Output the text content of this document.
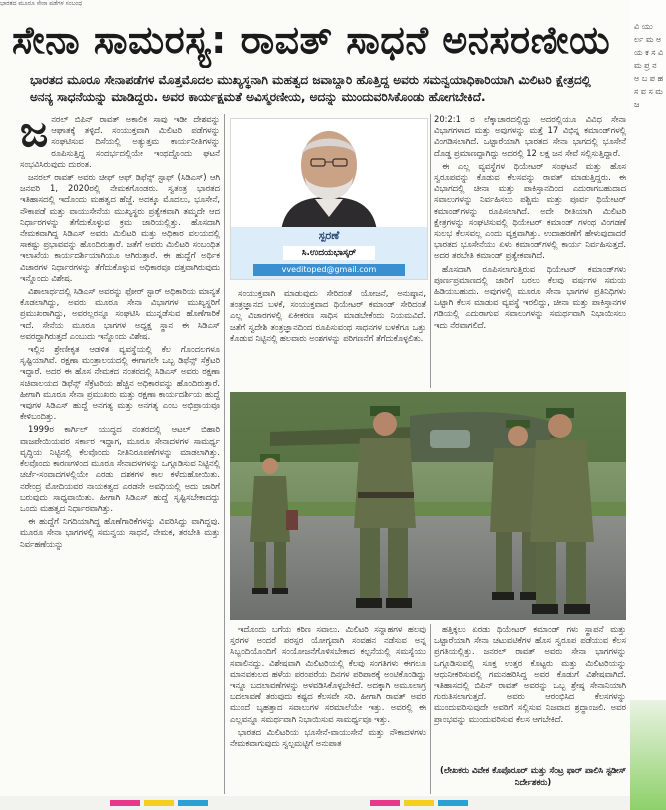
ಭಾರತದ ಮೂರೂ ಸೇನಾ ಪಡೆಗಳ ಸಂಬಂಧ
ಸೇನಾ ಸಾಮರಸ್ಯ: ರಾವತ್ ಸಾಧನೆ ಅನಸರಣೀಯ
ಭಾರತದ ಮೂರೂ ಸೇನಾಪಡೆಗಳ ಮೊತ್ತಮೊದಲ ಮುಖ್ಯಸ್ಥನಾಗಿ ಮಹತ್ವದ ಜವಾಬ್ದಾರಿ ಹೊತ್ತಿದ್ದ ಅವರು ಸಮನ್ವಯಾಧಿಕಾರಿಯಾಗಿ ಮಿಲಿಟರಿ ಕ್ಷೇತ್ರದಲ್ಲಿ ಅನನ್ಯ ಸಾಧನೆಯನ್ನು ಮಾಡಿದ್ದರು. ಅವರ ಕಾರ್ಯಕ್ಷಮತೆ ಅವಿಸ್ಮರಣೀಯ, ಅದನ್ನು ಮುಂದುವರಿಸಿಕೊಂಡು ಹೋಗಬೇಕಿದೆ.
ಜ ನರಲ್ ಬಿಪಿನ್ ರಾವತ್ ಅಕಾಲಿಕ ಸಾವು ಇಡೀ ದೇಶವನ್ನು ಆಘಾತಕ್ಕೆ ತಳ್ಳಿದೆ. ಸಂಯುಕ್ತವಾಗಿ ಮಿಲಿಟರಿ ಪಡೆಗಳನ್ನು ಸಂಘಟಿಸುವ ದಿಸೆಯಲ್ಲಿ ಅತ್ಯುತ್ತಮ ಕಾರ್ಯನೀತಿಗಳನ್ನು ರೂಪಿಸುತ್ತಿದ್ದ ಸಂದರ್ಭದಲ್ಲಿಯೇ ಇಂಥದ್ದೊಂದು ಘಟನೆ ಸಂಭವಿಸಿರುವುದು ದುರಂತ.

ಜನರಲ್ ರಾವತ್ ಅವರು ಚೀಫ್ ಆಫ್ ಡಿಫೆನ್ಸ್ ಸ್ಟಾಫ್ (ಸಿಡಿಎಸ್) ಆಗಿ ಜನವರಿ 1, 2020ರಲ್ಲಿ ನೇಮಕಗೊಂಡರು. ಸ್ವತಂತ್ರ ಭಾರತದ ಇತಿಹಾಸದಲ್ಲಿ ಇದೊಂದು ಮಹತ್ವದ ಹೆಜ್ಜೆ. ಅದಕ್ಕೂ ಮೊದಲು, ಭೂಸೇನೆ, ನೌಕಾಪಡೆ ಮತ್ತು ವಾಯುಸೇನೆಯ ಮುಖ್ಯಸ್ಥರು ಪ್ರತ್ಯೇಕವಾಗಿ ತಮ್ಮದೇ ಆದ ನಿರ್ಧಾರಗಳನ್ನು ತೆಗೆದುಕೊಳ್ಳುವ ಕ್ರಮ ಜಾರಿಯಲ್ಲಿತ್ತು. ಹೊಸದಾಗಿ ನೇಮಕವಾಗಿದ್ದ ಸಿಡಿಎಸ್ ಅವರು ಮಿಲಿಟರಿ ಮತ್ತು ಅಧಿಕಾರ ವಲಯದಲ್ಲಿ ಸಾಕಷ್ಟು ಪ್ರಭಾವವನ್ನು ಹೊಂದಿರುತ್ತಾರೆ. ಜತೆಗೆ ಅವರು ಮಿಲಿಟರಿ ಸಂಬಂಧಿತ ಇಲಾಖೆಯ ಕಾರ್ಯದರ್ಶಿಯಾಗಿಯೂ ಆಗಿರುತ್ತಾರೆ. ಈ ಹುದ್ದೆಗೆ ಅರ್ಥಿಕ ವಿಚಾರಗಳ ನಿರ್ಧಾರಗಳನ್ನು ತೆಗೆದುಕೊಳ್ಳುವ ಅಧಿಕಾರವೂ ದತ್ತವಾಗಿರುವುದು ಇನ್ನೊಂದು ವಿಶೇಷ.

ವಿಶಾಲಾರ್ಥದಲ್ಲಿ ಸಿಡಿಎಸ್ ಅವರನ್ನು ಫೋರ್ ಸ್ಟಾರ್ ಅಧಿಕಾರಿಯ ಮಾನ್ಯತೆ ಕೊಡಲಾಗಿದ್ದು, ಅವರು ಮೂರೂ ಸೇನಾ ವಿಭಾಗಗಳ ಮುಖ್ಯಸ್ಥರಿಗೆ ಪ್ರಮುಖರಾಗಿದ್ದು, ಅವರಲ್ಲರನ್ನೂ ಸಂಘಟಿಸಿ ಮುನ್ನಡೆಸುವ ಹೊಣೆಗಾರಿಕೆ ಇದೆ. ಸೇನೆಯ ಮೂರೂ ಭಾಗಗಳ ಅಧ್ಯಕ್ಷ ಸ್ಥಾನ ಈ ಸಿಡಿಎಸ್ ಅವರದ್ದಾಗಿರುತ್ತದೆ ಎಂಬುದು ಇನ್ನೊಂದು ವಿಶೇಷ.

ಇಲ್ಲಿನ ಶ್ರೇಣೀಕೃತ ಆಡಳಿತ ವ್ಯವಸ್ಥೆಯಲ್ಲಿ ಕೆಲ ಗೊಂದಲಗಳೂ ಸೃಷ್ಟಿಯಾಗಿವೆ. ರಕ್ಷಣಾ ಮಂತ್ರಾಲಯದಲ್ಲಿ ಈಗಾಗಲೇ ಒಬ್ಬ ಡಿಫೆನ್ಸ್ ಸೆಕ್ರೆಟರಿ ಇದ್ದಾರೆ. ಅದರ ಈ ಹೊಸ ನೇಮಕದ ನಂತರದಲ್ಲಿ ಸಿಡಿಎಸ್ ಅವರು ರಕ್ಷಣಾ ಸಚಿವಾಲಯದ ಡಿಫೆನ್ಸ್ ಸೆಕ್ರೆಟರಿಯ ಹೆಚ್ಚಿನ ಅಧಿಕಾರವನ್ನು ಹೊಂದಿರುತ್ತಾರೆ. ಹೀಗಾಗಿ ಮೂರೂ ಸೇನಾ ಪ್ರಮುಖರು ಮತ್ತು ರಕ್ಷಣಾ ಕಾರ್ಯದರ್ಶಿಯ ಹುದ್ದೆ ಇವುಗಳ ಸಿಡಿಎಸ್ ಹುದ್ದೆ ಅನಗತ್ಯ ಮತ್ತು ಅನಗತ್ಯ ಎಂಬ ಅಭಿಪ್ರಾಯವೂ ಕೇಳಿಬಂದಿತ್ತು.

1999ರ ಕಾರ್ಗಿಲ್ ಯುದ್ಧದ ನಂತರದಲ್ಲಿ ಆಟಲ್ ಬಿಹಾರಿ ವಾಜಪೇಯಿಯವರ ಸರ್ಕಾರ ಇದ್ದಾಗ, ಮೂರೂ ಸೇನಾದಳಗಳ ಸಾಮರ್ಥ್ಯ ವೃದ್ಧಿಯ ನಿಟ್ಟಿನಲ್ಲಿ ಕೆಲವೊಂದು ನೀತಿನಿರೂಪಣೆಗಳನ್ನು ಮಾಡಲಾಗಿತ್ತು. ಕೆಲವೊಂದು ಕಾರಣಗಳಿಂದ ಮೂರೂ ಸೇನಾದಳಗಳನ್ನು ಒಗ್ಗೂಡಿಸುವ ನಿಟ್ಟಿನಲ್ಲಿ ಚರ್ಚೆ-ಸಂವಾದಗಳಲ್ಲಿಯೇ ಎರಡು ದಶಕಗಳ ಕಾಲ ಕಳೆದುಹೋಯಿತು. ನರೇಂದ್ರ ಮೋದಿಯವರ ನಾಯಕತ್ವದ ಎರಡನೇ ಅವಧಿಯಲ್ಲಿ ಅದು ಜಾರಿಗೆ ಬರುವುದು ಸಾಧ್ಯವಾಯಿತು. ಹೀಗಾಗಿ ಸಿಡಿಎಸ್ ಹುದ್ದೆ ಸೃಷ್ಟಿಸಬೇಕಾದದ್ದು ಒಂದು ಮಹತ್ವದ ನಿರ್ಧಾರವಾಗಿತ್ತು.

ಈ ಹುದ್ದೆಗೆ ನಿಗದಿಯಾಗಿದ್ದ ಹೊಣೆಗಾರಿಕೆಗಳನ್ನು ವಿವರಿಸಿದ್ದು ವಾಗಿದ್ದವು. ಮೂರೂ ಸೇನಾ ಭಾಗಗಳಲ್ಲಿ ಸಮನ್ವಯ ಸಾಧನೆ, ನೇಮಕ, ತರಬೇತಿ ಮತ್ತು ನಿರ್ವಹಣೆಯನ್ನು

ಸ್ಪರಣೆ
ಸಿ.ಉದಯಭಾಸ್ಕರ್
vveditoped@gmail.com

ಸಂಯುಕ್ತವಾಗಿ ಮಾಡುವುದು ಸೇರಿದಂತೆ ಯೋಜನೆ, ಅನುಷ್ಠಾನ, ತಂತ್ರಜ್ಞಾನದ ಬಳಕೆ, ಸಂಯುಕ್ತವಾದ ಥಿಯೇಟರ್ ಕಮಾಂಡ್ ಸೇರಿದಂತೆ ಎಲ್ಲ ವಿಚಾರಗಳಲ್ಲಿ ಏಕೀಕರಣ ಸಾಧಿಸ ಮಾಡಬೇಕೆಂದು ನಿಯಮವಿದೆ. ಜತೆಗೆ ಸ್ವದೇಶಿ ತಂತ್ರಜ್ಞಾನದಿಂದ ರೂಪಿಸುವಂಥ ಸಾಧನಗಳ ಬಳಕೆಗೂ ಒತ್ತು ಕೊಡುವ ನಿಟ್ಟಿನಲ್ಲಿ ಹಲವಾರು ಅಂಶಗಳನ್ನು ಪರಿಗಣನೆಗೆ ತೆಗೆದುಕೊಳ್ಳಲಿತು.

20:2:1 ರ ಲೆಕ್ಕಾಚಾರದಲ್ಲಿದ್ದು ಅದರಲ್ಲಿಯೂ ವಿವಿಧ ಸೇನಾ ವಿಭಾಗಗಳಾದ ಮತ್ತು ಅವುಗಳನ್ನು ಮತ್ತೆ 17 ವಿಭಿನ್ನ ಕಮಾಂಡ್‌ಗಳಲ್ಲಿ ವಿಂಗಡಿಸಲಾಗಿದೆ. ಒಟ್ಟಾರೆಯಾಗಿ ಭಾರತದ ಸೇನಾ ಭಾಗದಲ್ಲಿ ಭೂಸೇನೆ ದೊಡ್ಡ ಪ್ರಮಾಣದ್ದಾಗಿದ್ದು ಅದರಲ್ಲಿ 12 ಲಕ್ಷ ಜನ ಸೇವೆ ಸಲ್ಲಿಸುತ್ತಿದ್ದಾರೆ.

ಈ ಎಲ್ಲ ವ್ಯವಸ್ಥೆಗಳ ಥಿಯೇಟರ್ ಸಂಘಟನೆ ಮತ್ತು ಹೊಸ ಸ್ವರೂಪವನ್ನು ಕೊಡುವ ಕೆಲಸವನ್ನು ರಾವತ್ ಮಾಡುತ್ತಿದ್ದರು. ಈ ವಿಭಾಗದಲ್ಲಿ ಚೀನಾ ಮತ್ತು ಪಾಕಿಸ್ತಾನದಿಂದ ಎದುರಾಗಬಹುದಾದ ಸವಾಲುಗಳನ್ನು ನಿರ್ವಹಿಸಲು ಪಶ್ಚಿಮ ಮತ್ತು ಪೂರ್ವ ಥಿಯೇಟರ್ ಕಮಾಂಡ್‌ಗಳನ್ನು ರೂಪಿಸಲಾಗಿದೆ. ಅದೇ ರೀತಿಯಾಗಿ ಮಿಲಿಟರಿ ಕ್ಷೇತ್ರಗಳನ್ನು ಸಂಘಟಿಸುವಲ್ಲಿ ಥಿಯೇಟರ್ ಕಮಾಂಡ್ ಗಳಂಥ ವಿಂಗಡಣೆ ಸುಲಭ ಕೆಲಸವಲ್ಲ ಎಂದು ವ್ಯಕ್ತವಾಗಿತ್ತು. ಉದಾಹರಣೆಗೆ ಹೇಳುವುದಾದರೆ ಭಾರತದ ಭೂಸೇನೆಯು ಏಳು ಕಮಾಂಡ್‌ಗಳಲ್ಲಿ ಕಾರ್ಯ ನಿರ್ವಹಿಸುತ್ತದೆ. ಅದರ ತರಬೇತಿ ಕಮಾಂಡ್ ಪ್ರತ್ಯೇಕವಾಗಿದೆ.

ಹೊಸದಾಗಿ ರೂಪಿಸಲಾಗುತ್ತಿರುವ ಥಿಯೇಟರ್ ಕಮಾಂಡ್‌ಗಳು ಪೂರ್ಣಪ್ರಮಾಣದಲ್ಲಿ ಜಾರಿಗೆ ಬರಲು ಕೆಲವು ವರ್ಷಗಳ ಸಮಯ ಹಿಡಿಯಬಹುದು. ಅವುಗಳಲ್ಲಿ ಮೂರೂ ಸೇನಾ ಭಾಗಗಳ ಪ್ರತಿನಿಧಿಗಳು ಒಟ್ಟಾಗಿ ಕೆಲಸ ಮಾಡುವ ವ್ಯವಸ್ಥೆ ಇರಲಿದ್ದು, ಚೀನಾ ಮತ್ತು ಪಾಕಿಸ್ತಾನಗಳ ಗಡಿಯಲ್ಲಿ ಎದುರಾಗುವ ಸವಾಲುಗಳನ್ನು ಸಮರ್ಥವಾಗಿ ನಿಭಾಯಿಸಲು ಇದು ನೆರವಾಗಲಿದೆ.

ಇದೊಂದು ಬಗೆಯ ಕಠಿಣ ಸವಾಲು. ಮಿಲಿಟರಿ ಸನ್ನಾಹಗಳ ಹಲವು ಸ್ತರಗಳ ಅಂದರೆ ಪರಸ್ಪರ ಯೋಗ್ಯವಾಗಿ ಸಂವಹನ ನಡೆಸುವ ಅನ್ನ ಸಿಬ್ಬಂದಿಯೊಂದಿಗೆ ಸಂಯೋಜನೆಗೊಳಿಸಬೇಕಾದ ಕಲ್ಪನೆಯಲ್ಲಿ ಸಮಸ್ಯೆಯು ಸವಾಲಿನದ್ದು. ವಿಶೇಷವಾಗಿ ಮಿಲಿಟರಿಯಲ್ಲಿ ಕೆಲವು ಸಂಗತಿಗಳು ಈಗಲೂ ಮಾನವಕುಲದ ಹಳೆಯ ಪರಂಪರೆಯ ದಿನಗಳ ಪರಿಪಾಠಕ್ಕೆ ಅಂಟಿಕೊಂಡಿದ್ದು ಇನ್ನೂ ಬದಲಾವಣೆಗಳನ್ನು ಅಳವಡಿಸಿಕೊಳ್ಳಬೇಕಿದೆ. ಅದಕ್ಕಾಗಿ ಅಮೂಲಾಗ್ರ ಬದಲಾವಣೆ ತರುವುದು ಕಷ್ಟದ ಕೆಲಸವೇ ಸರಿ. ಹೀಗಾಗಿ ರಾವತ್ ಅವರ ಮುಂದೆ ಬೃಹತ್ತಾದ ಸವಾಲುಗಳ ಸರಮಾಲೆಯೇ ಇತ್ತು. ಅವರಲ್ಲಿ ಈ ಎಲ್ಲವನ್ನೂ ಸಮರ್ಥವಾಗಿ ನಿಭಾಯಿಸುವ ಸಾಮರ್ಥ್ಯವೂ ಇತ್ತು.

ಭಾರತದ ಮಿಲಿಟರಿಯ ಭೂಸೇನೆ-ವಾಯುಸೇನೆ ಮತ್ತು ನೌಕಾದಳಗಳು ನೇಮಕವಾಗುವುದು ಸ್ವಲ್ಪಮಟ್ಟಿಗೆ ಅನುಪಾತ

ಹತ್ತಿಕ್ಕಲು ಏರಡು ಥಿಯೇಟರ್ ಕಮಾಂಡ್ ಗಳು ಸ್ಥಾಪನೆ ಮತ್ತು ಒಟ್ಟಾರೆಯಾಗಿ ಸೇನಾ ಚಟುವಟಿಕೆಗಳ ಹೊಸ ಸ್ವರೂಪ ಪಡೆಯುವ ಕೆಲಸ ಪ್ರಗತಿಯಲ್ಲಿತ್ತು. ಜನರಲ್ ರಾವತ್ ಅವರು ಸೇನಾ ಭಾಗಗಳನ್ನು ಒಗ್ಗೂಡಿಸುವಲ್ಲಿ ಸೂಕ್ತ ಉತ್ತರ ಕೊಟ್ಟರು ಮತ್ತು ಮಿಲಿಟರಿಯನ್ನು ಆಧುನೀಕರಿಸುವಲ್ಲಿ ಗಮನಹರಿಸಿದ್ದ ಅವರ ಕೊಡುಗೆ ವಿಶೇಷವಾಗಿದೆ. ಇತಿಹಾಸದಲ್ಲಿ ಬಿಪಿನ್ ರಾವತ್ ಅವರನ್ನು ಒಬ್ಬ ಶ್ರೇಷ್ಠ ಸೇನಾನಿಯಾಗಿ ಗುರುತಿಸಲಾಗುತ್ತದೆ. ಅವರು ಆರಂಭಿಸಿದ ಕೆಲಸಗಳನ್ನು ಮುಂದುವರಿಸುವುದೇ ಅವರಿಗೆ ಸಲ್ಲಿಸುವ ನಿಜವಾದ ಶ್ರದ್ಧಾಂಜಲಿ. ಅವರ ಪ್ರಾಂಭವನ್ನು ಮುಂದುವರಿಸುವ ಕೆಲಸ ಆಗಬೇಕಿದೆ.

(ಲೇಖಕರು ವಿವೇಕ ಕೊಪೊರೂರ್ ಮತ್ತು ಸೆಂಟ್ರ ಫಾರ್ ಪಾಲಿಸಿ ಸ್ಟಡೀಸ್ ನಿರ್ದೇಶಕರು)
ವಿ ಯು ರ್ಲ ಮ ಅ ಯ ಕ ಸ ವಿ ಮ ಪ್ರ ನ ಅ ಬ ಪ ಹ ಸ ವ ಸ ಮ ಜ
